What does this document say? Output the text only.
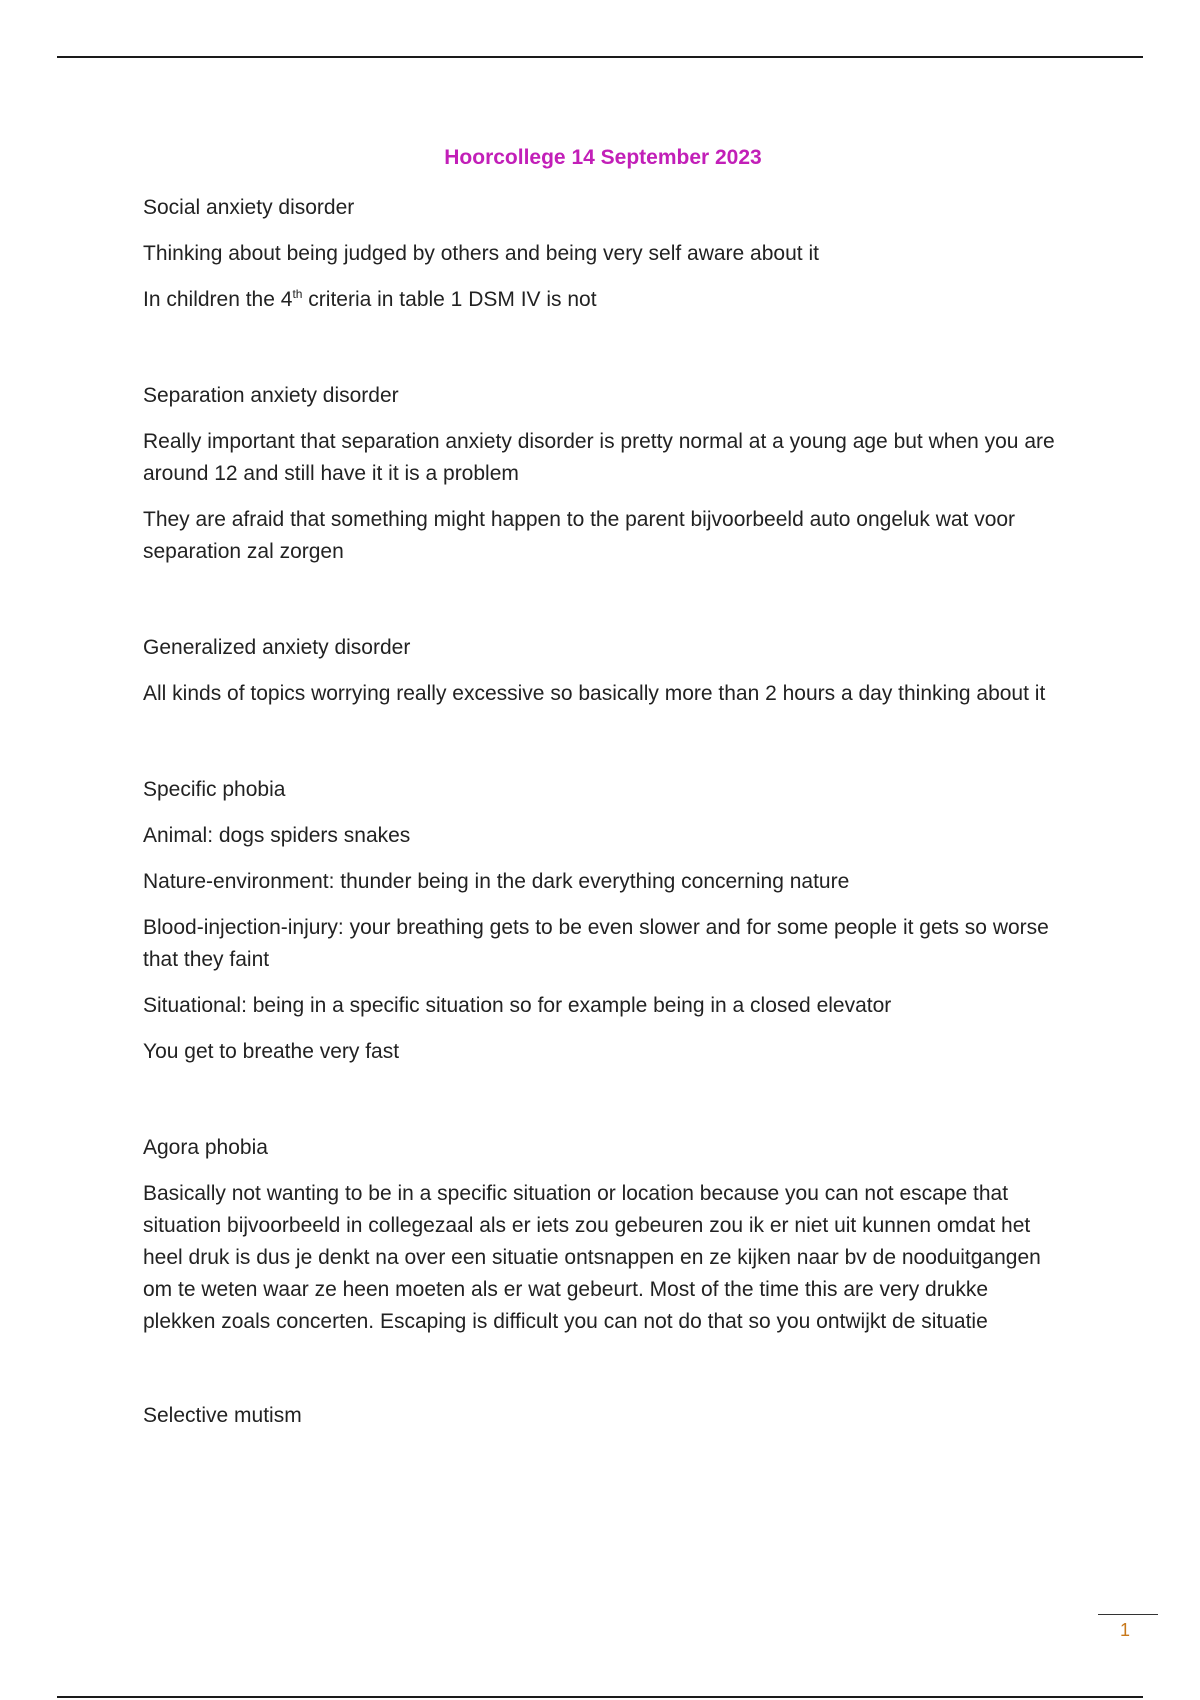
Hoorcollege 14 September 2023
Social anxiety disorder
Thinking about being judged by others and being very self aware about it
In children the 4th criteria in table 1 DSM IV is not
Separation anxiety disorder
Really important that separation anxiety disorder is pretty normal at a young age but when you are around 12 and still have it it is a problem
They are afraid that something might happen to the parent bijvoorbeeld auto ongeluk wat voor separation zal zorgen
Generalized anxiety disorder
All kinds of topics worrying really excessive so basically more than 2 hours a day thinking about it
Specific phobia
Animal: dogs spiders snakes
Nature-environment: thunder being in the dark everything concerning nature
Blood-injection-injury: your breathing gets to be even slower and for some people it gets so worse that they faint
Situational: being in a specific situation so for example being in a closed elevator
You get to breathe very fast
Agora phobia
Basically not wanting to be in a specific situation or location because you can not escape that situation bijvoorbeeld in collegezaal als er iets zou gebeuren zou ik er niet uit kunnen omdat het heel druk is dus je denkt na over een situatie ontsnappen en ze kijken naar bv de nooduitgangen om te weten waar ze heen moeten als er wat gebeurt. Most of the time this are very drukke plekken zoals concerten. Escaping is difficult you can not do that so you ontwijkt de situatie
Selective mutism
1
